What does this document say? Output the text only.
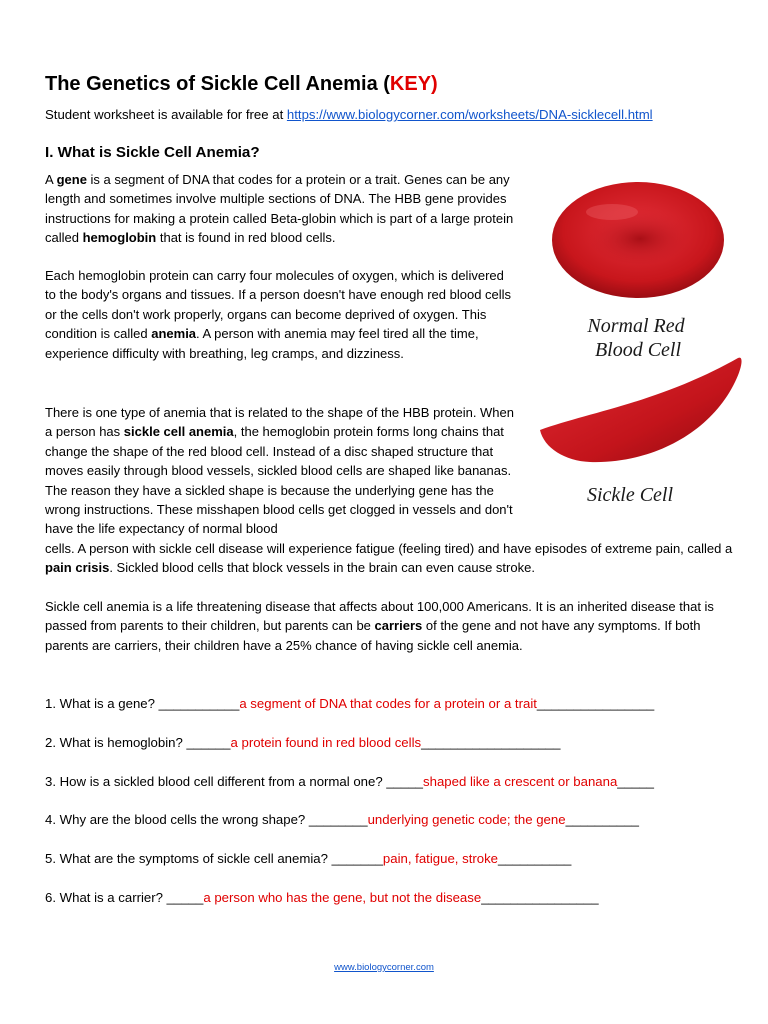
The Genetics of Sickle Cell Anemia (KEY)
Student worksheet is available for free at https://www.biologycorner.com/worksheets/DNA-sicklecell.html
I. What is Sickle Cell Anemia?

A gene is a segment of DNA that codes for a protein or a trait. Genes can be any length and sometimes involve multiple sections of DNA. The HBB gene provides instructions for making a protein called Beta-globin which is part of a large protein called hemoglobin that is found in red blood cells.

Each hemoglobin protein can carry four molecules of oxygen, which is delivered to the body's organs and tissues. If a person doesn't have enough red blood cells or the cells don't work properly, organs can become deprived of oxygen. This condition is called anemia. A person with anemia may feel tired all the time, experience difficulty with breathing, leg cramps, and dizziness.

There is one type of anemia that is related to the shape of the HBB protein. When a person has sickle cell anemia, the hemoglobin protein forms long chains that change the shape of the red blood cell. Instead of a disc shaped structure that moves easily through blood vessels, sickled blood cells are shaped like bananas. The reason they have a sickled shape is because the underlying gene has the wrong instructions. These misshapen blood cells get clogged in vessels and don't have the life expectancy of normal blood

cells. A person with sickle cell disease will experience fatigue (feeling tired) and have episodes of extreme pain, called a pain crisis. Sickled blood cells that block vessels in the brain can even cause stroke.

Sickle cell anemia is a life threatening disease that affects about 100,000 Americans. It is an inherited disease that is passed from parents to their children, but parents can be carriers of the gene and not have any symptoms. If both parents are carriers, their children have a 25% chance of having sickle cell anemia.

Normal Red
Blood Cell
Sickle Cell
1. What is a gene? ___________a segment of DNA that codes for a protein or a trait________________
2. What is hemoglobin? ______a protein found in red blood cells___________________
3. How is a sickled blood cell different from a normal one? _____shaped like a crescent or banana_____
4. Why are the blood cells the wrong shape? ________underlying genetic code; the gene__________
5. What are the symptoms of sickle cell anemia? _______pain, fatigue, stroke__________
6. What is a carrier? _____a person who has the gene, but not the disease________________
www.biologycorner.com
